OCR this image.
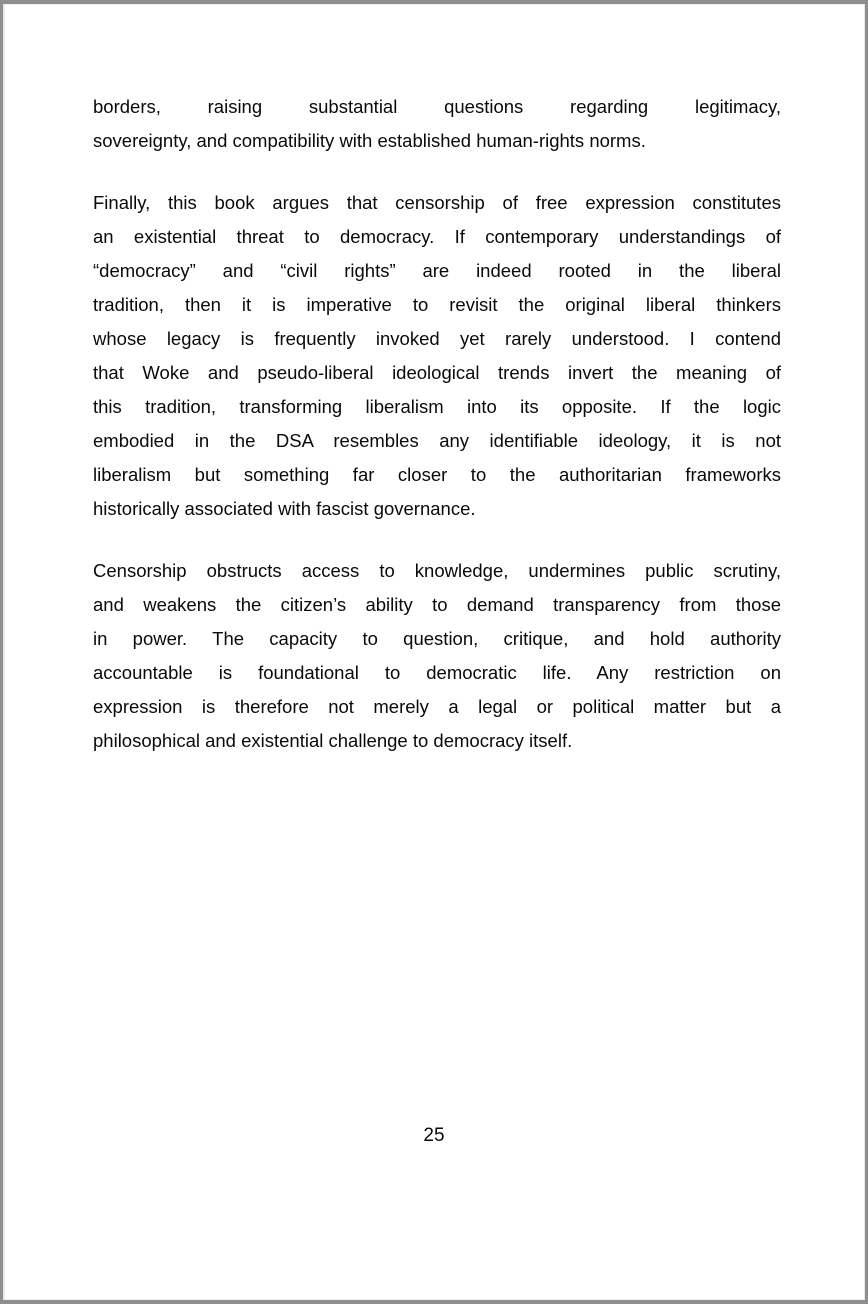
borders, raising substantial questions regarding legitimacy,
sovereignty, and compatibility with established human-rights norms.
Finally, this book argues that censorship of free expression constitutes
an existential threat to democracy. If contemporary understandings of
“democracy” and “civil rights” are indeed rooted in the liberal
tradition, then it is imperative to revisit the original liberal thinkers
whose legacy is frequently invoked yet rarely understood. I contend
that Woke and pseudo-liberal ideological trends invert the meaning of
this tradition, transforming liberalism into its opposite. If the logic
embodied in the DSA resembles any identifiable ideology, it is not
liberalism but something far closer to the authoritarian frameworks
historically associated with fascist governance.
Censorship obstructs access to knowledge, undermines public scrutiny,
and weakens the citizen’s ability to demand transparency from those
in power. The capacity to question, critique, and hold authority
accountable is foundational to democratic life. Any restriction on
expression is therefore not merely a legal or political matter but a
philosophical and existential challenge to democracy itself.
25
